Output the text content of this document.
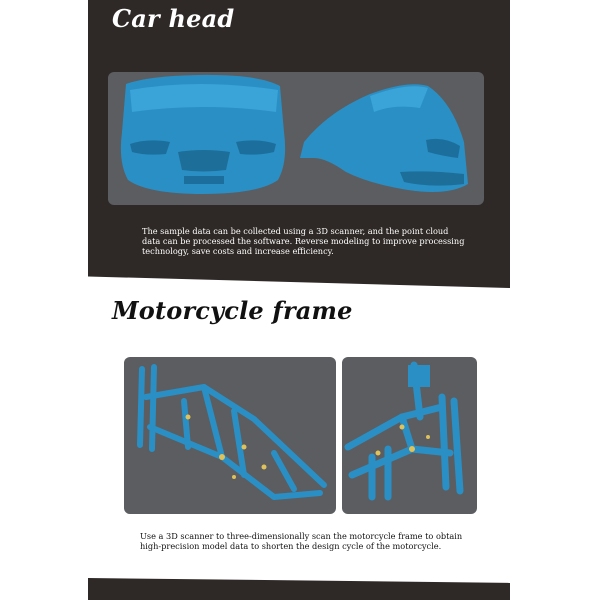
Car head

The sample data can be collected using a 3D scanner, and the point cloud data can be processed the software. Reverse modeling to improve processing technology, save costs and increase efficiency.

Motorcycle frame

Use a 3D scanner to three-dimensionally scan the motorcycle frame to obtain high-precision model data to shorten the design cycle of the motorcycle.
